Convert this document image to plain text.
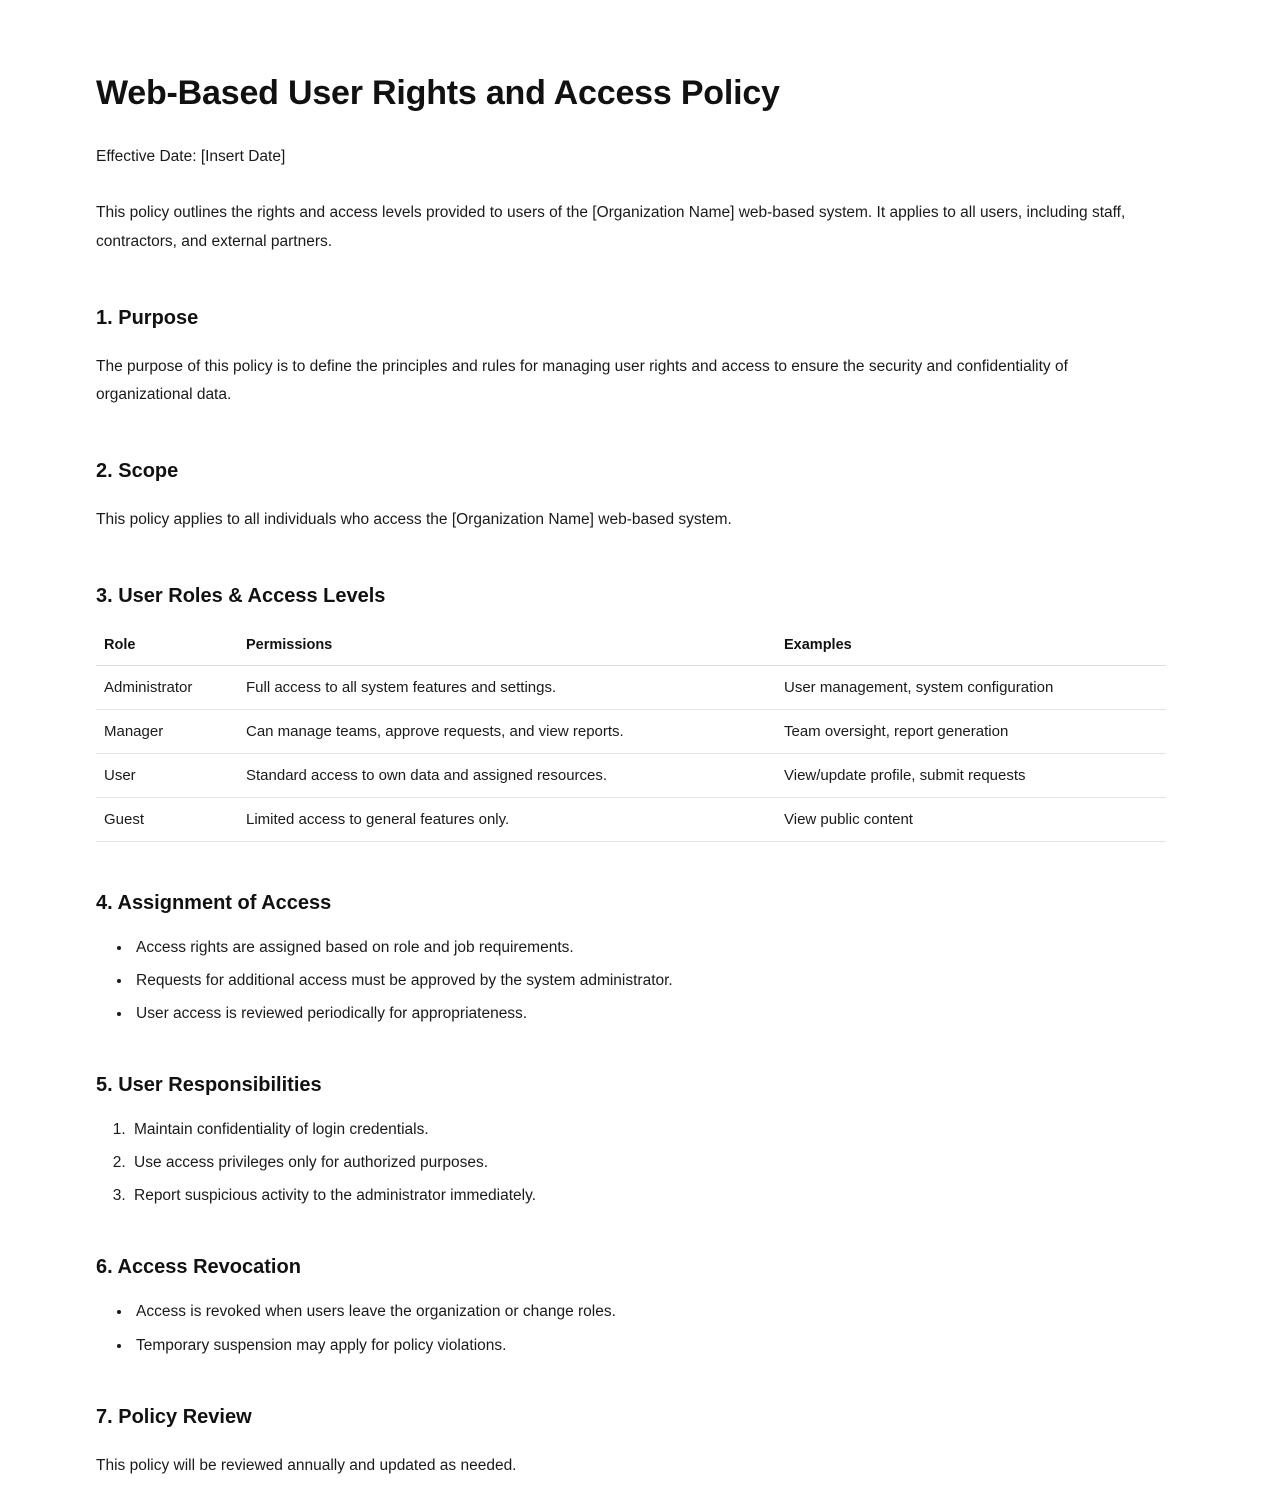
Web-Based User Rights and Access Policy

Effective Date: [Insert Date]

This policy outlines the rights and access levels provided to users of the [Organization Name] web-based system. It applies to all users, including staff, contractors, and external partners.

1. Purpose

The purpose of this policy is to define the principles and rules for managing user rights and access to ensure the security and confidentiality of organizational data.

2. Scope

This policy applies to all individuals who access the [Organization Name] web-based system.

3. User Roles & Access Levels
Role	Permissions	Examples
Administrator	Full access to all system features and settings.	User management, system configuration
Manager	Can manage teams, approve requests, and view reports.	Team oversight, report generation
User	Standard access to own data and assigned resources.	View/update profile, submit requests
Guest	Limited access to general features only.	View public content
4. Assignment of Access
• Access rights are assigned based on role and job requirements.
• Requests for additional access must be approved by the system administrator.
• User access is reviewed periodically for appropriateness.
5. User Responsibilities
1. Maintain confidentiality of login credentials.
2. Use access privileges only for authorized purposes.
3. Report suspicious activity to the administrator immediately.
6. Access Revocation
• Access is revoked when users leave the organization or change roles.
• Temporary suspension may apply for policy violations.
7. Policy Review

This policy will be reviewed annually and updated as needed.
